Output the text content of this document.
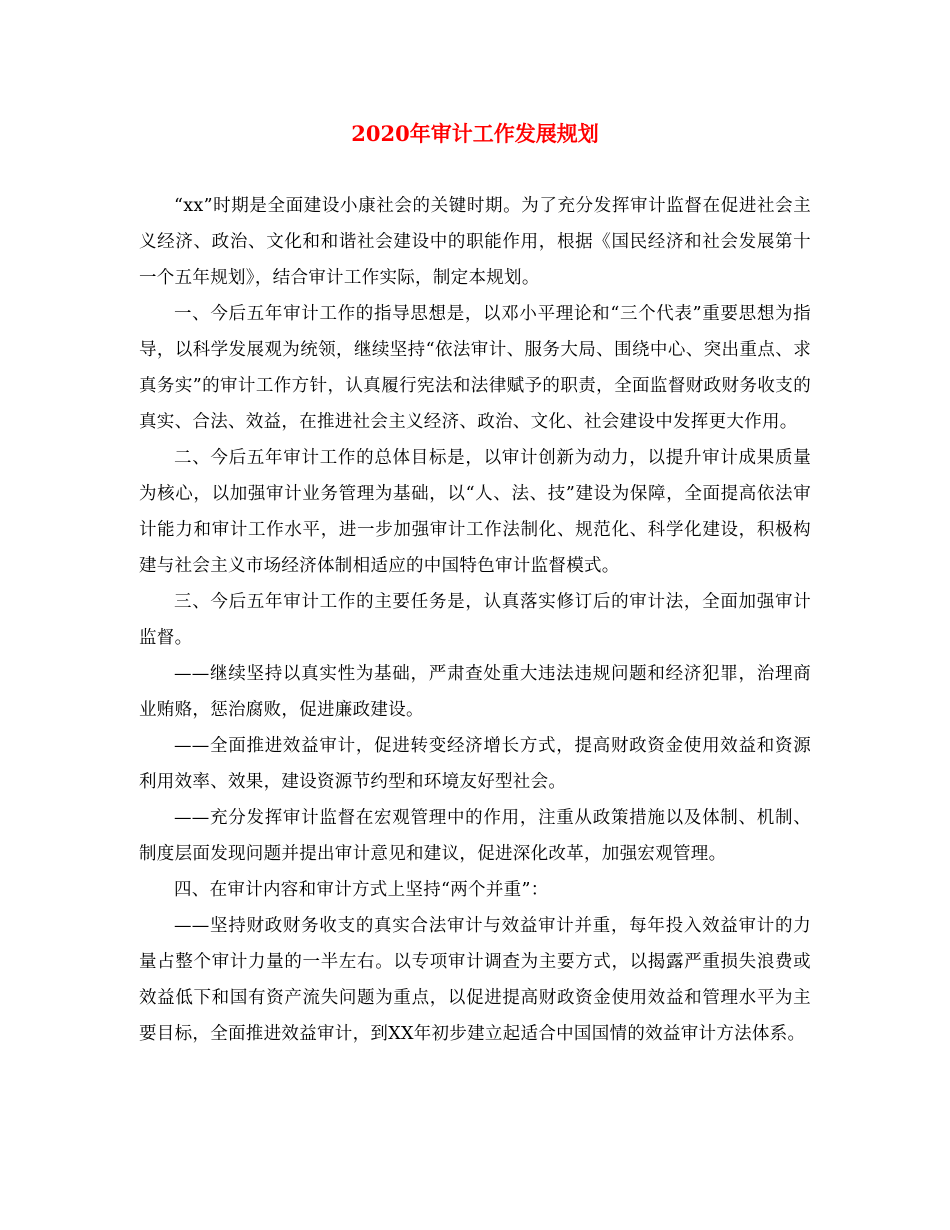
2020年审计工作发展规划

“xx”时期是全面建设小康社会的关键时期。为了充分发挥审计监督在促进社会主义经济、政治、文化和和谐社会建设中的职能作用，根据《国民经济和社会发展第十一个五年规划》，结合审计工作实际，制定本规划。

一、今后五年审计工作的指导思想是，以邓小平理论和“三个代表”重要思想为指导，以科学发展观为统领，继续坚持“依法审计、服务大局、围绕中心、突出重点、求真务实”的审计工作方针，认真履行宪法和法律赋予的职责，全面监督财政财务收支的真实、合法、效益，在推进社会主义经济、政治、文化、社会建设中发挥更大作用。

二、今后五年审计工作的总体目标是，以审计创新为动力，以提升审计成果质量为核心，以加强审计业务管理为基础，以“人、法、技”建设为保障，全面提高依法审计能力和审计工作水平，进一步加强审计工作法制化、规范化、科学化建设，积极构建与社会主义市场经济体制相适应的中国特色审计监督模式。

三、今后五年审计工作的主要任务是，认真落实修订后的审计法，全面加强审计监督。

——继续坚持以真实性为基础，严肃查处重大违法违规问题和经济犯罪，治理商业贿赂，惩治腐败，促进廉政建设。

——全面推进效益审计，促进转变经济增长方式，提高财政资金使用效益和资源利用效率、效果，建设资源节约型和环境友好型社会。

——充分发挥审计监督在宏观管理中的作用，注重从政策措施以及体制、机制、制度层面发现问题并提出审计意见和建议，促进深化改革，加强宏观管理。

四、在审计内容和审计方式上坚持“两个并重”：

——坚持财政财务收支的真实合法审计与效益审计并重，每年投入效益审计的力量占整个审计力量的一半左右。以专项审计调查为主要方式，以揭露严重损失浪费或效益低下和国有资产流失问题为重点，以促进提高财政资金使用效益和管理水平为主要目标，全面推进效益审计，到XX年初步建立起适合中国国情的效益审计方法体系。
